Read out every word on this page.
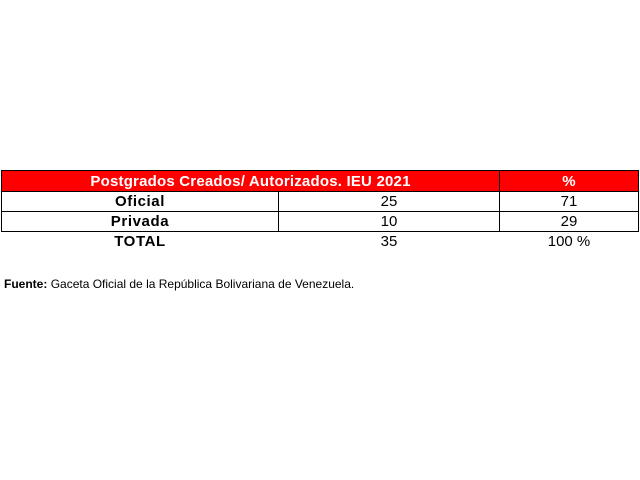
Postgrados Creados/ Autorizados. IEU 2021		%
Oficial	25	71
Privada	10	29
TOTAL	35	100 %
Fuente: Gaceta Oficial de la República Bolivariana de Venezuela.
